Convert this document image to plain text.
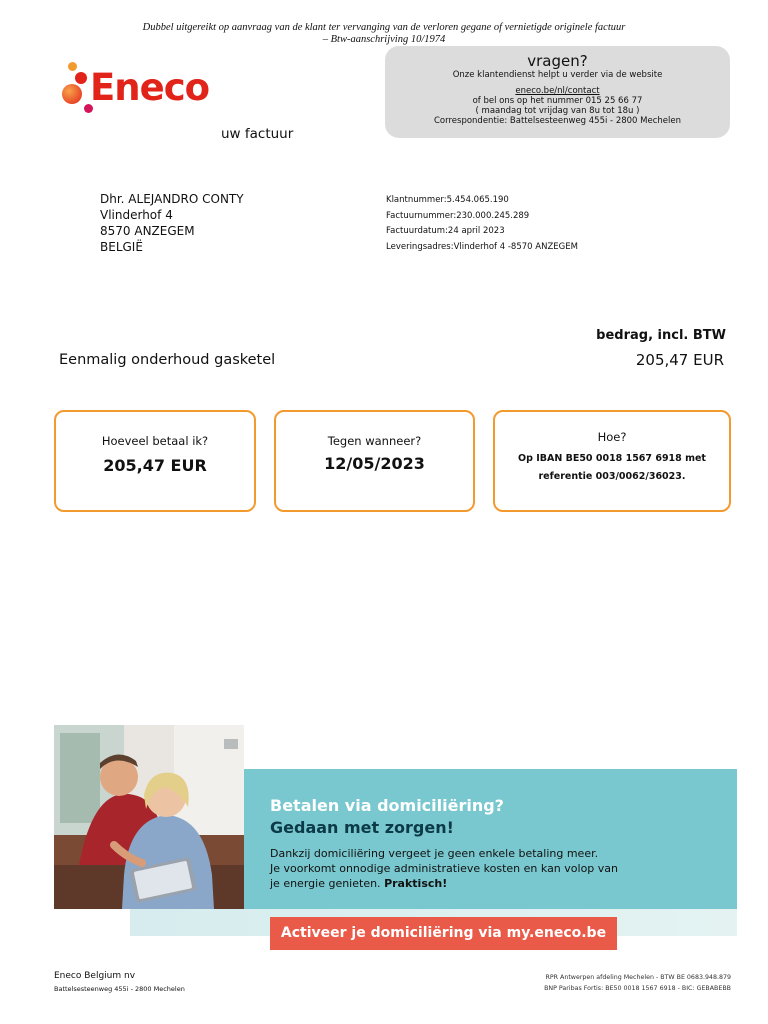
Dubbel uitgereikt op aanvraag van de klant ter vervanging van de verloren gegane of vernietigde originele factuur
– Btw-aanschrijving 10/1974
Eneco
uw factuur
vragen?
Onze klantendienst helpt u verder via de website
eneco.be/nl/contact
of bel ons op het nummer 015 25 66 77
( maandag tot vrijdag van 8u tot 18u )
Correspondentie: Battelsesteenweg 455i - 2800 Mechelen
Dhr. ALEJANDRO CONTY
Vlinderhof 4
8570 ANZEGEM
BELGIË
Klantnummer:5.454.065.190
Factuurnummer:230.000.245.289
Factuurdatum:24 april 2023
Leveringsadres:Vlinderhof 4 -8570 ANZEGEM
bedrag, incl. BTW
Eenmalig onderhoud gasketel	205,47 EUR
Hoeveel betaal ik?
205,47 EUR
Tegen wanneer?
12/05/2023
Hoe?
Op IBAN BE50 0018 1567 6918 met
referentie 003/0062/36023.
Betalen via domiciliëring?
Gedaan met zorgen!
Dankzij domiciliëring vergeet je geen enkele betaling meer.
Je voorkomt onnodige administratieve kosten en kan volop van
je energie genieten. Praktisch!
Activeer je domiciliëring via my.eneco.be
Eneco Belgium nv
Battelsesteenweg 455i - 2800 Mechelen
RPR Antwerpen afdeling Mechelen - BTW BE 0683.948.879
BNP Paribas Fortis: BE50 0018 1567 6918 - BIC: GEBABEBB
